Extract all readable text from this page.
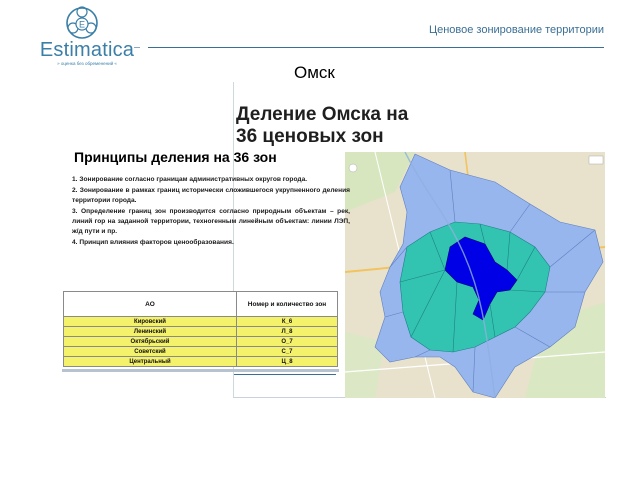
E
Estimatica
» оценка без обременений «
Ценовое зонирование территории
Омск
Деление Омска на
36 ценовых зон
Принципы деления на 36 зон
1. Зонирование согласно границам административных округов города.
2. Зонирование в рамках границ исторически сложившегося укрупненного деления территории города.
3. Определение границ зон производится согласно природным объектам – рек, линий гор на заданной территории, техногенным линейным объектам: линии ЛЭП, ж/д пути и пр.
4. Принцип влияния факторов ценообразования.
АО	Номер и количество зон
Кировский	К_6
Ленинский	Л_8
Октябрьский	О_7
Советский	С_7
Центральный	Ц_8
